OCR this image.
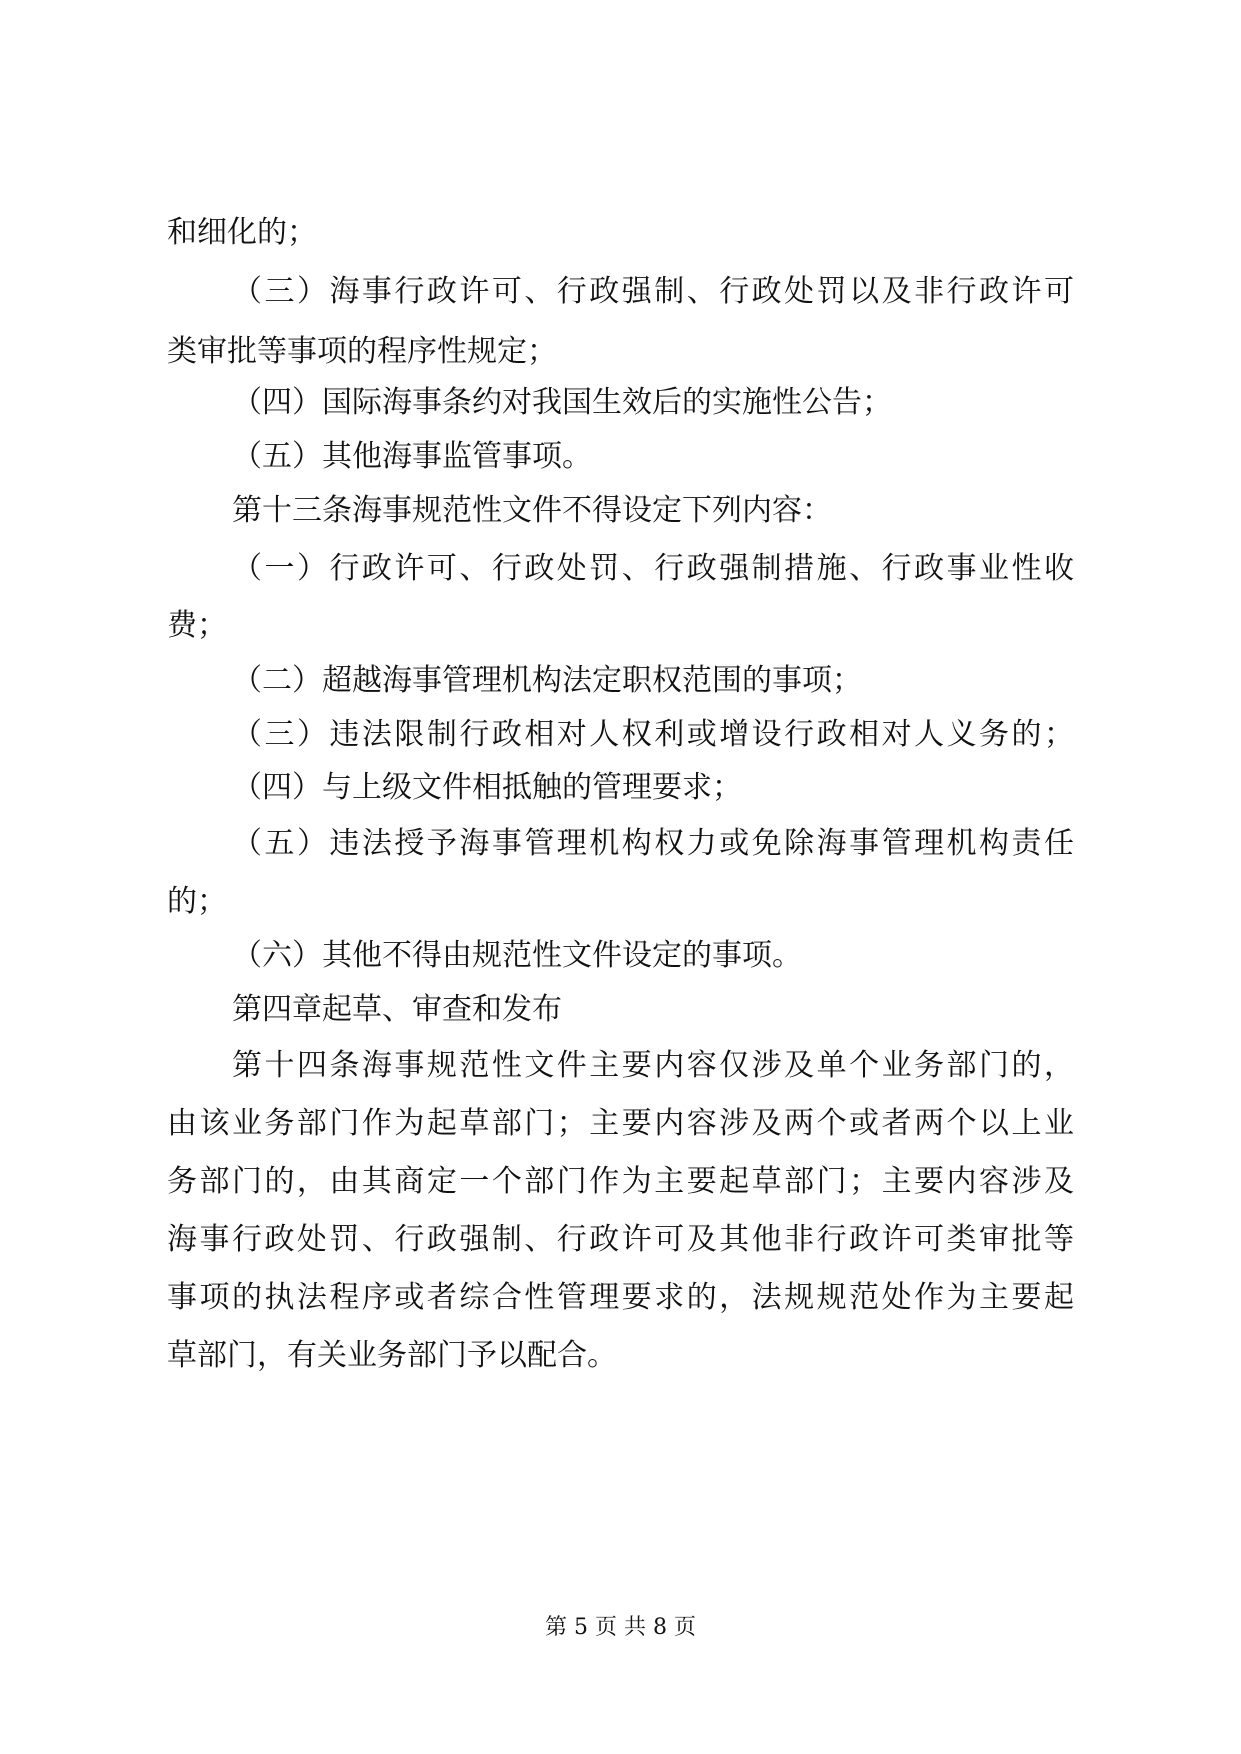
和细化的；
（三）海事行政许可、行政强制、行政处罚以及非行政许可
类审批等事项的程序性规定；
（四）国际海事条约对我国生效后的实施性公告；
（五）其他海事监管事项。
第十三条海事规范性文件不得设定下列内容：
（一）行政许可、行政处罚、行政强制措施、行政事业性收
费；
（二）超越海事管理机构法定职权范围的事项；
（三）违法限制行政相对人权利或增设行政相对人义务的；
（四）与上级文件相抵触的管理要求；
（五）违法授予海事管理机构权力或免除海事管理机构责任
的；
（六）其他不得由规范性文件设定的事项。
第四章起草、审查和发布
第十四条海事规范性文件主要内容仅涉及单个业务部门的，
由该业务部门作为起草部门；主要内容涉及两个或者两个以上业
务部门的，由其商定一个部门作为主要起草部门；主要内容涉及
海事行政处罚、行政强制、行政许可及其他非行政许可类审批等
事项的执法程序或者综合性管理要求的，法规规范处作为主要起
草部门，有关业务部门予以配合。
第 5 页 共 8 页
